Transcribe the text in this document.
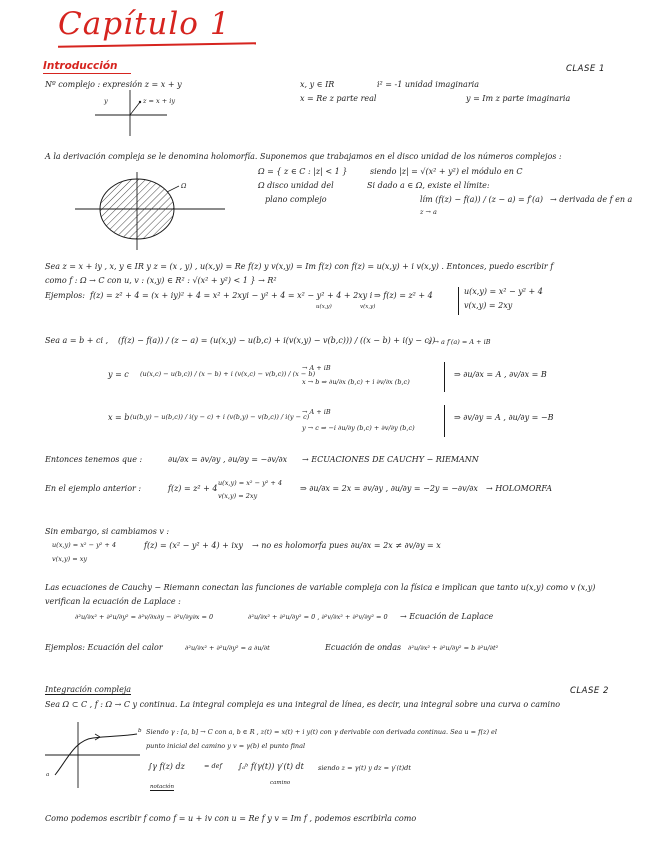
Capítulo 1
Introducción	CLASE 1
Nº complejo : expresión z = x + y	x, y ∈ IR	i² = -1 unidad imaginaria
x = Re z parte real	y = Im z parte imaginaria
y	z = x + iy
A la derivación compleja se le denomina holomorfía. Suponemos que trabajamos en el disco unidad de los números complejos :
Ω = { z ∈ C : |z| < 1 }	siendo |z| = √(x² + y²) el módulo en C
Ω disco unidad del
plano complejo
Si dado a ∈ Ω, existe el límite:
lím (f(z) − f(a)) / (z − a) = f′(a)
z → a
→ derivada de f en a
Ω
Sea z = x + iy , x, y ∈ IR y z = (x , y) , u(x,y) = Re f(z) y v(x,y) = Im f(z) con f(z) = u(x,y) + i v(x,y) . Entonces, puedo escribir f
como f : Ω → C con u, v : (x,y) ∈ R² : √(x² + y²) < 1 } → R²
Ejemplos: f(z) = z² + 4 = (x + iy)² + 4 = x² + 2xyi − y² + 4 = x² − y² + 4 + 2xy i
u(x,y)	v(x,y)
⇒ f(z) = z² + 4	u(x,y) = x² − y² + 4
v(x,y) = 2xy
Sea a = b + ci , (f(z) − f(a)) / (z − a) = (u(x,y) − u(b,c) + i(v(x,y) − v(b,c))) / ((x − b) + i(y − c))
z → a f′(a) = A + iB
y = c (u(x,c) − u(b,c)) / (x − b) + i (v(x,c) − v(b,c)) / (x − b)
→ A + iB
x → b ⇒ ∂u/∂x (b,c) + i ∂v/∂x (b,c)
⇒ ∂u/∂x = A , ∂v/∂x = B
x = b (u(b,y) − u(b,c)) / i(y − c) + i (v(b,y) − v(b,c)) / i(y − c)
→ A + iB
y → c ⇒ −i ∂u/∂y (b,c) + ∂v/∂y (b,c)
⇒ ∂v/∂y = A , ∂u/∂y = −B
Entonces tenemos que :	∂u/∂x = ∂v/∂y , ∂u/∂y = −∂v/∂x → ECUACIONES DE CAUCHY − RIEMANN
En el ejemplo anterior :	f(z) = z² + 4
u(x,y) = x² − y² + 4
v(x,y) = 2xy
⇒ ∂u/∂x = 2x = ∂v/∂y , ∂u/∂y = −2y = −∂v/∂x → HOLOMORFA
Sin embargo, si cambiamos v :
u(x,y) = x² − y² + 4
v(x,y) = xy
f(z) = (x² − y² + 4) + ixy → no es holomorfa pues ∂u/∂x = 2x ≠ ∂v/∂y = x
Las ecuaciones de Cauchy − Riemann conectan las funciones de variable compleja con la física e implican que tanto u(x,y) como v (x,y)
verifican la ecuación de Laplace :
∂²u/∂x² + ∂²u/∂y² = ∂²v/∂x∂y − ∂²v/∂y∂x = 0	∂²u/∂x² + ∂²u/∂y² = 0 , ∂²v/∂x² + ∂²v/∂y² = 0 → Ecuación de Laplace
Ejemplos: Ecuación del calor	∂²u/∂x² + ∂²u/∂y² = a ∂u/∂t	Ecuación de ondas ∂²u/∂x² + ∂²u/∂y² = b ∂²u/∂t²
Integración compleja	CLASE 2
Sea Ω ⊂ C , f : Ω → C y continua. La integral compleja es una integral de línea, es decir, una integral sobre una curva o camino
a
b Siendo γ : [a, b] → C con a, b ∈ R , z(t) = x(t) + i y(t) con γ derivable con derivada continua. Sea u = f(z) el
punto inicial del camino y v = γ(b) el punto final
∫γ f(z) dz
notación
= def ∫ₐᵇ f(γ(t)) γ′(t) dt
camino
siendo z = γ(t) y dz = γ′(t)dt
Como podemos escribir f como f = u + iv con u = Re f y v = Im f , podemos escribirla como
